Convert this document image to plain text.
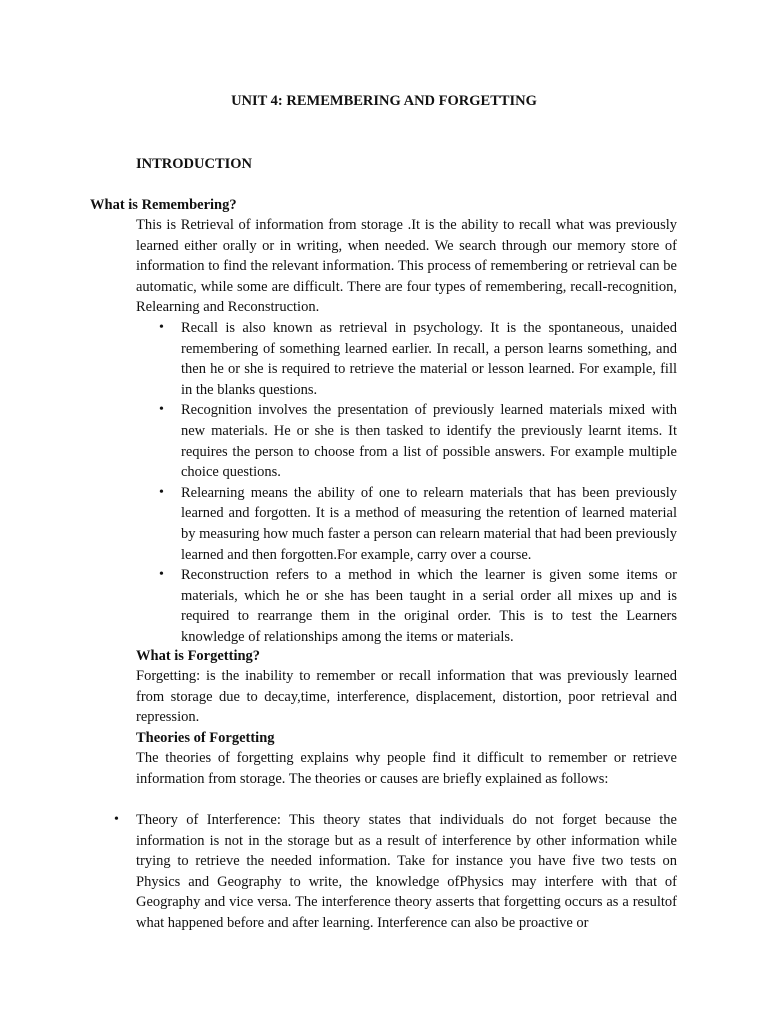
UNIT 4: REMEMBERING AND FORGETTING
INTRODUCTION
What is Remembering?

This is Retrieval of information from storage .It is the ability to recall what was previously learned either orally or in writing, when needed. We search through our memory store of information to find the relevant information. This process of remembering or retrieval can be automatic, while some are difficult. There are four types of remembering, recall-recognition, Relearning and Reconstruction.

• Recall is also known as retrieval in psychology. It is the spontaneous, unaided remembering of something learned earlier. In recall, a person learns something, and then he or she is required to retrieve the material or lesson learned. For example, fill in the blanks questions.
• Recognition involves the presentation of previously learned materials mixed with new materials. He or she is then tasked to identify the previously learnt items. It requires the person to choose from a list of possible answers. For example multiple choice questions.
• Relearning means the ability of one to relearn materials that has been previously learned and forgotten. It is a method of measuring the retention of learned material by measuring how much faster a person can relearn material that had been previously learned and then forgotten.For example, carry over a course.
• Reconstruction refers to a method in which the learner is given some items or materials, which he or she has been taught in a serial order all mixes up and is required to rearrange them in the original order. This is to test the Learners knowledge of relationships among the items or materials.
What is Forgetting?

Forgetting: is the inability to remember or recall information that was previously learned from storage due to decay,time, interference, displacement, distortion, poor retrieval and repression.

Theories of Forgetting

The theories of forgetting explains why people find it difficult to remember or retrieve information from storage. The theories or causes are briefly explained as follows:

• Theory of Interference: This theory states that individuals do not forget because the information is not in the storage but as a result of interference by other information while trying to retrieve the needed information. Take for instance you have five two tests on Physics and Geography to write, the knowledge ofPhysics may interfere with that of Geography and vice versa. The interference theory asserts that forgetting occurs as a resultof what happened before and after learning. Interference can also be proactive or
